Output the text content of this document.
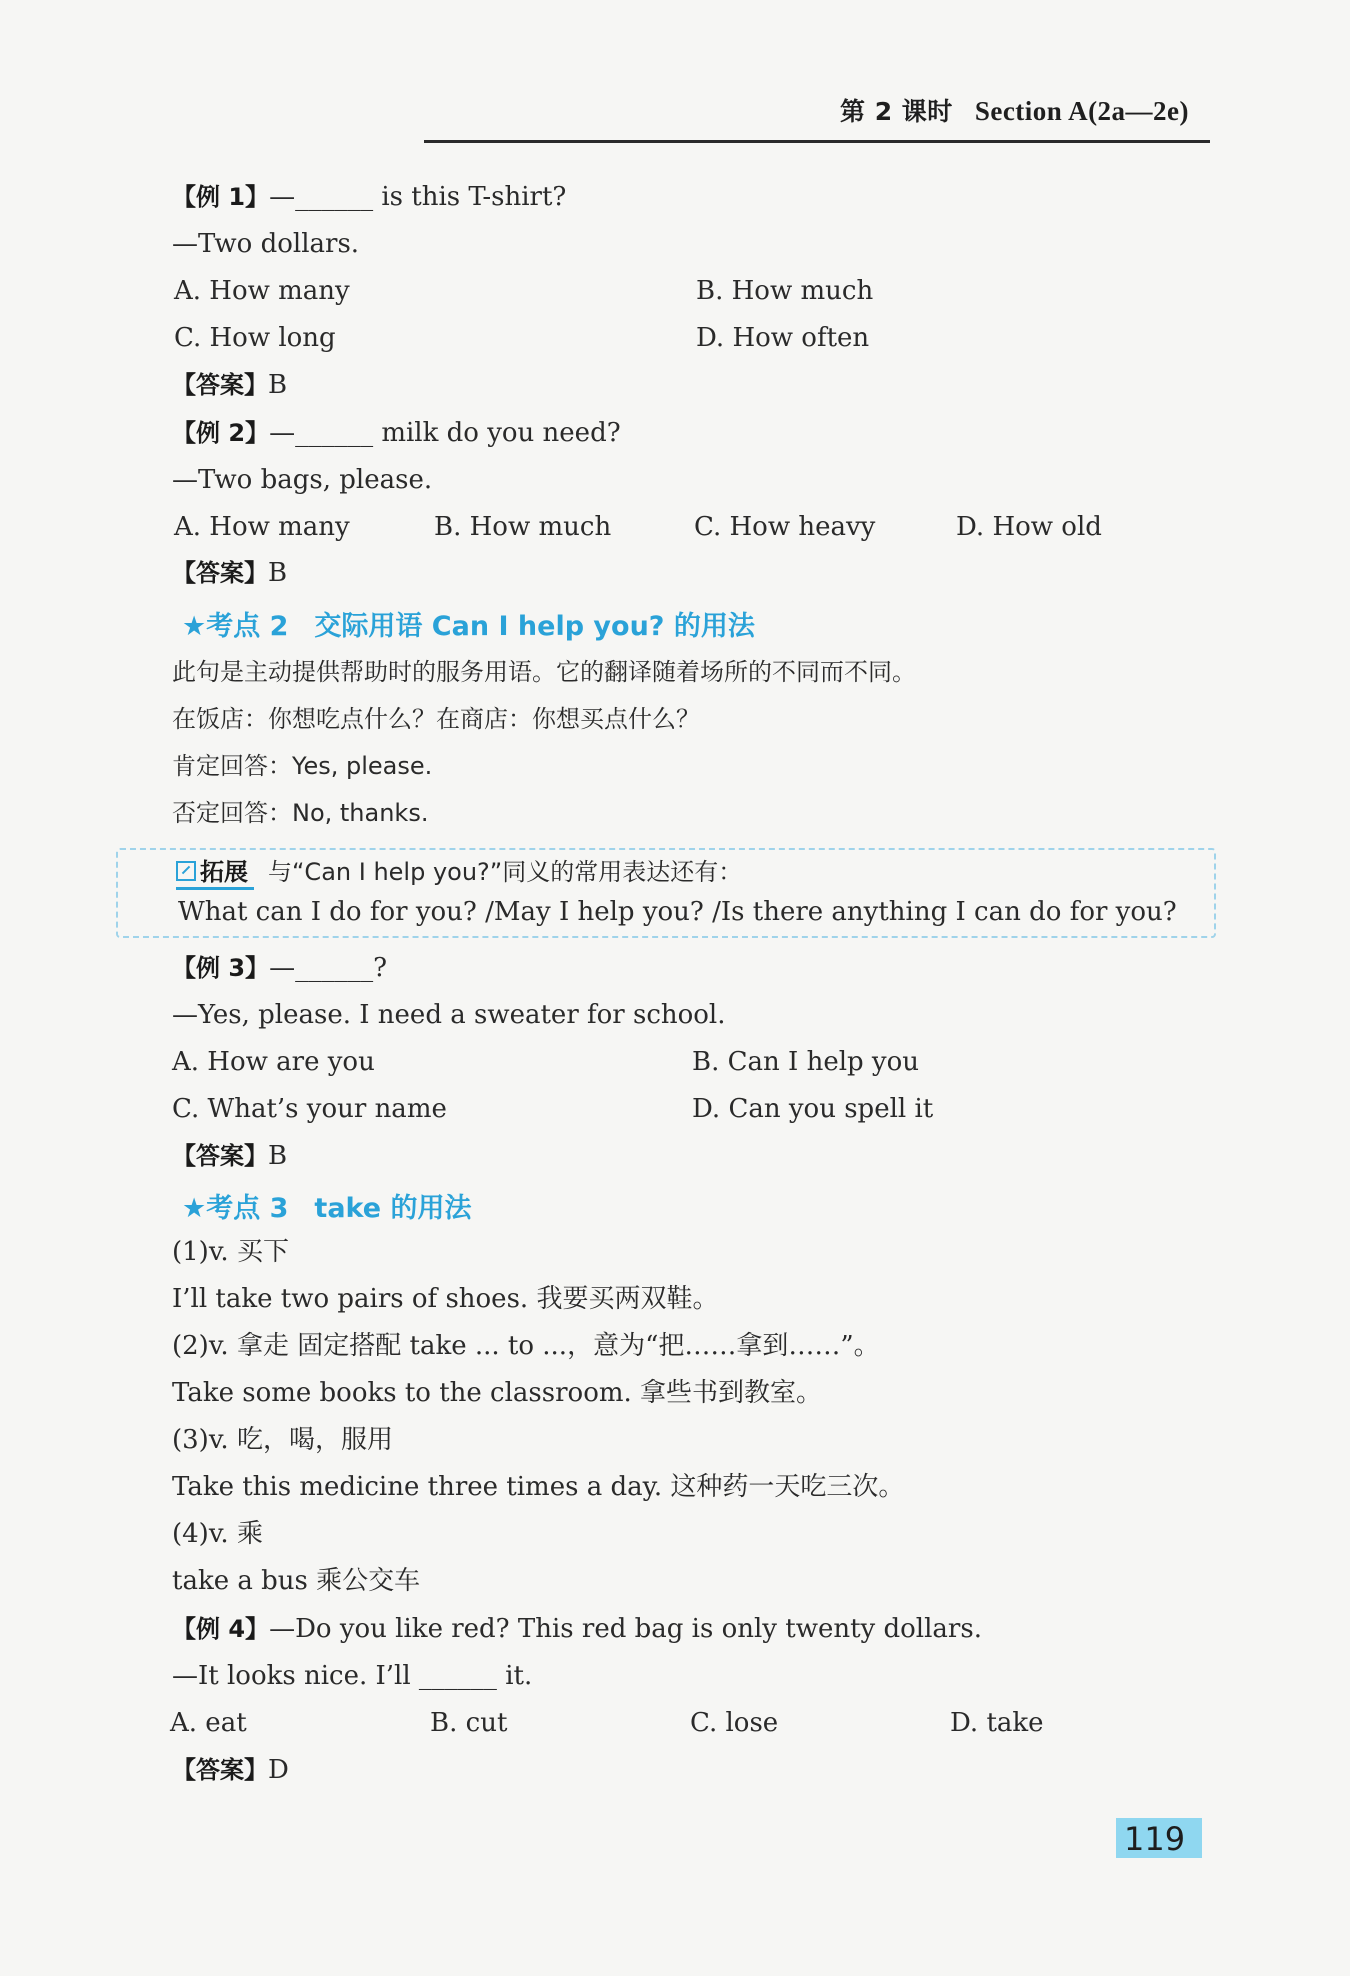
第 2 课时 Section A(2a—2e)
【例 1】—______ is this T-shirt?
—Two dollars.
A. How many	B. How much
C. How long	D. How often
【答案】B
【例 2】—______ milk do you need?
—Two bags, please.
A. How many	B. How much	C. How heavy	D. How old
【答案】B
★考点 2 交际用语 Can I help you? 的用法
此句是主动提供帮助时的服务用语。它的翻译随着场所的不同而不同。
在饭店：你想吃点什么？在商店：你想买点什么？
肯定回答：Yes, please.
否定回答：No, thanks.
拓展 与“Can I help you?”同义的常用表达还有：
What can I do for you? /May I help you? /Is there anything I can do for you?
【例 3】—______?
—Yes, please. I need a sweater for school.
A. How are you	B. Can I help you
C. What’s your name	D. Can you spell it
【答案】B
★考点 3 take 的用法
(1)v. 买下
I’ll take two pairs of shoes. 我要买两双鞋。
(2)v. 拿走 固定搭配 take ... to ...，意为“把……拿到……”。
Take some books to the classroom. 拿些书到教室。
(3)v. 吃，喝，服用
Take this medicine three times a day. 这种药一天吃三次。
(4)v. 乘
take a bus 乘公交车
【例 4】—Do you like red? This red bag is only twenty dollars.
—It looks nice. I’ll ______ it.
A. eat	B. cut	C. lose	D. take
【答案】D
119
